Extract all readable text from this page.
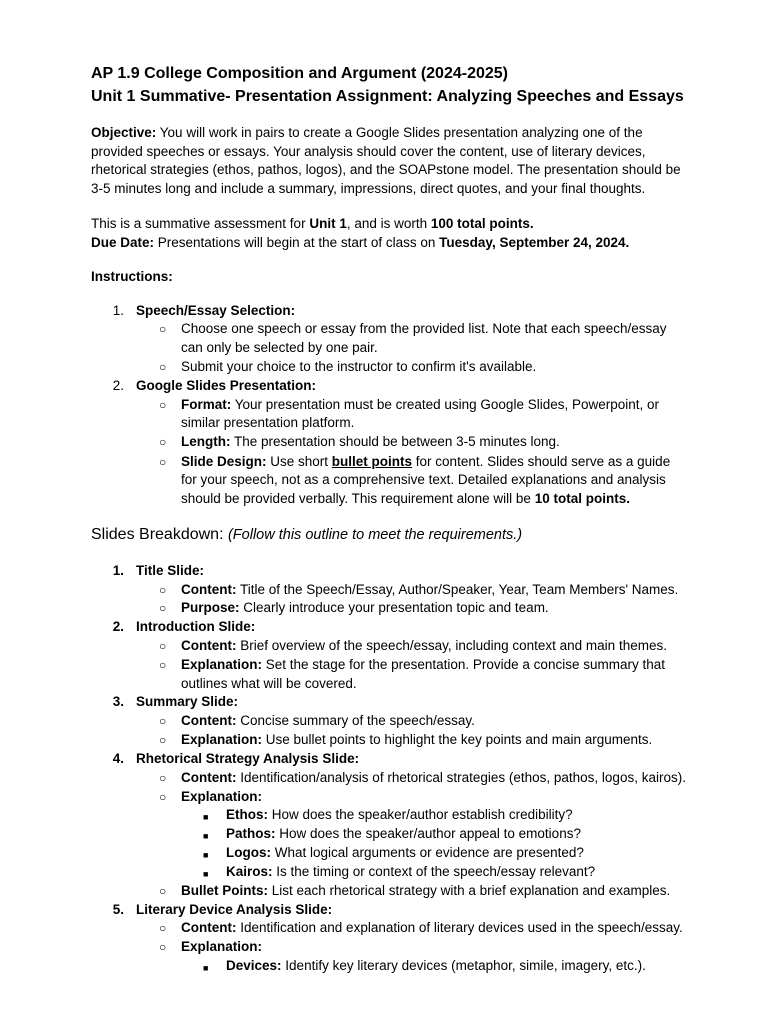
AP 1.9 College Composition and Argument (2024-2025)
Unit 1 Summative- Presentation Assignment: Analyzing Speeches and Essays
Objective: You will work in pairs to create a Google Slides presentation analyzing one of the
provided speeches or essays. Your analysis should cover the content, use of literary devices,
rhetorical strategies (ethos, pathos, logos), and the SOAPstone model. The presentation should be
3-5 minutes long and include a summary, impressions, direct quotes, and your final thoughts.
This is a summative assessment for Unit 1, and is worth 100 total points.
Due Date: Presentations will begin at the start of class on Tuesday, September 24, 2024.
Instructions:
1. Speech/Essay Selection:
○ Choose one speech or essay from the provided list. Note that each speech/essay
can only be selected by one pair.
○ Submit your choice to the instructor to confirm it's available.
2. Google Slides Presentation:
○ Format: Your presentation must be created using Google Slides, Powerpoint, or
similar presentation platform.
○ Length: The presentation should be between 3-5 minutes long.
○ Slide Design: Use short bullet points for content. Slides should serve as a guide
for your speech, not as a comprehensive text. Detailed explanations and analysis
should be provided verbally. This requirement alone will be 10 total points.
Slides Breakdown: (Follow this outline to meet the requirements.)
1. Title Slide:
○ Content: Title of the Speech/Essay, Author/Speaker, Year, Team Members' Names.
○ Purpose: Clearly introduce your presentation topic and team.
2. Introduction Slide:
○ Content: Brief overview of the speech/essay, including context and main themes.
○ Explanation: Set the stage for the presentation. Provide a concise summary that
outlines what will be covered.
3. Summary Slide:
○ Content: Concise summary of the speech/essay.
○ Explanation: Use bullet points to highlight the key points and main arguments.
4. Rhetorical Strategy Analysis Slide:
○ Content: Identification/analysis of rhetorical strategies (ethos, pathos, logos, kairos).
○ Explanation:
■ Ethos: How does the speaker/author establish credibility?
■ Pathos: How does the speaker/author appeal to emotions?
■ Logos: What logical arguments or evidence are presented?
■ Kairos: Is the timing or context of the speech/essay relevant?
○ Bullet Points: List each rhetorical strategy with a brief explanation and examples.
5. Literary Device Analysis Slide:
○ Content: Identification and explanation of literary devices used in the speech/essay.
○ Explanation:
■ Devices: Identify key literary devices (metaphor, simile, imagery, etc.).
